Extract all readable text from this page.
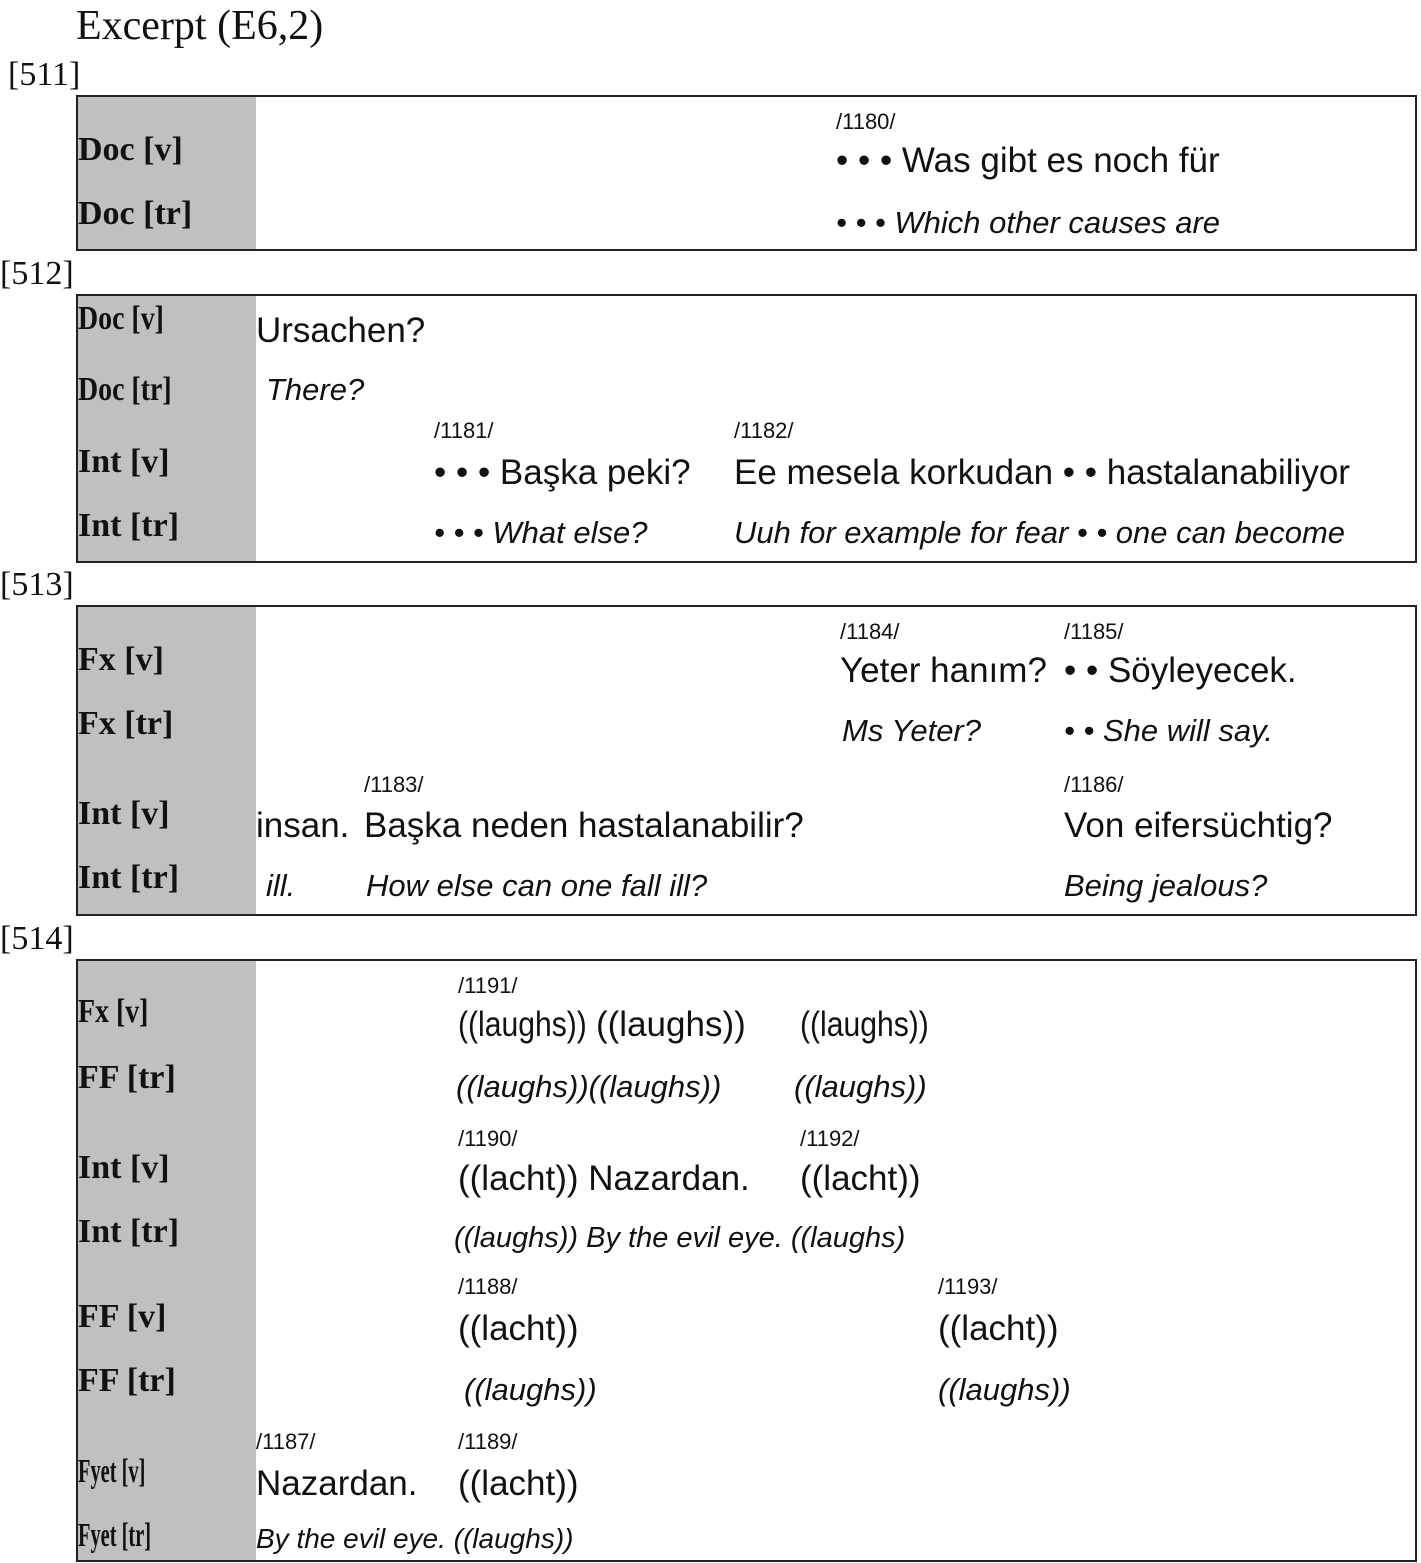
Excerpt (E6,2)
[511]
Doc [v]
Doc [tr]
/1180/
• • • Was gibt es noch für
• • • Which other causes are
[512]
Doc [v]
Doc [tr]
Int [v]
Int [tr]
Ursachen?
There?
/1181/
• • • Başka peki?
• • • What else?
/1182/
Ee mesela korkudan • • hastalanabiliyor
Uuh for example for fear • • one can become
[513]
Fx [v]
Fx [tr]
Int [v]
Int [tr]
/1184/
Yeter hanım?
Ms Yeter?
/1185/
• • Söyleyecek.
• • She will say.
insan.
ill.
/1183/
Başka neden hastalanabilir?
How else can one fall ill?
/1186/
Von eifersüchtig?
Being jealous?
[514]
Fx [v]
FF [tr]
Int [v]
Int [tr]
FF [v]
FF [tr]
Fyet [v]
Fyet [tr]
/1191/
((laughs)) ((laughs)) ((laughs))
((laughs))((laughs)) ((laughs))
/1190/
((lacht)) Nazardan.
/1192/
((lacht))
((laughs)) By the evil eye. ((laughs)
/1188/
((lacht))
((laughs))
/1193/
((lacht))
((laughs))
/1187/
Nazardan.
/1189/
((lacht))
By the evil eye. ((laughs))
